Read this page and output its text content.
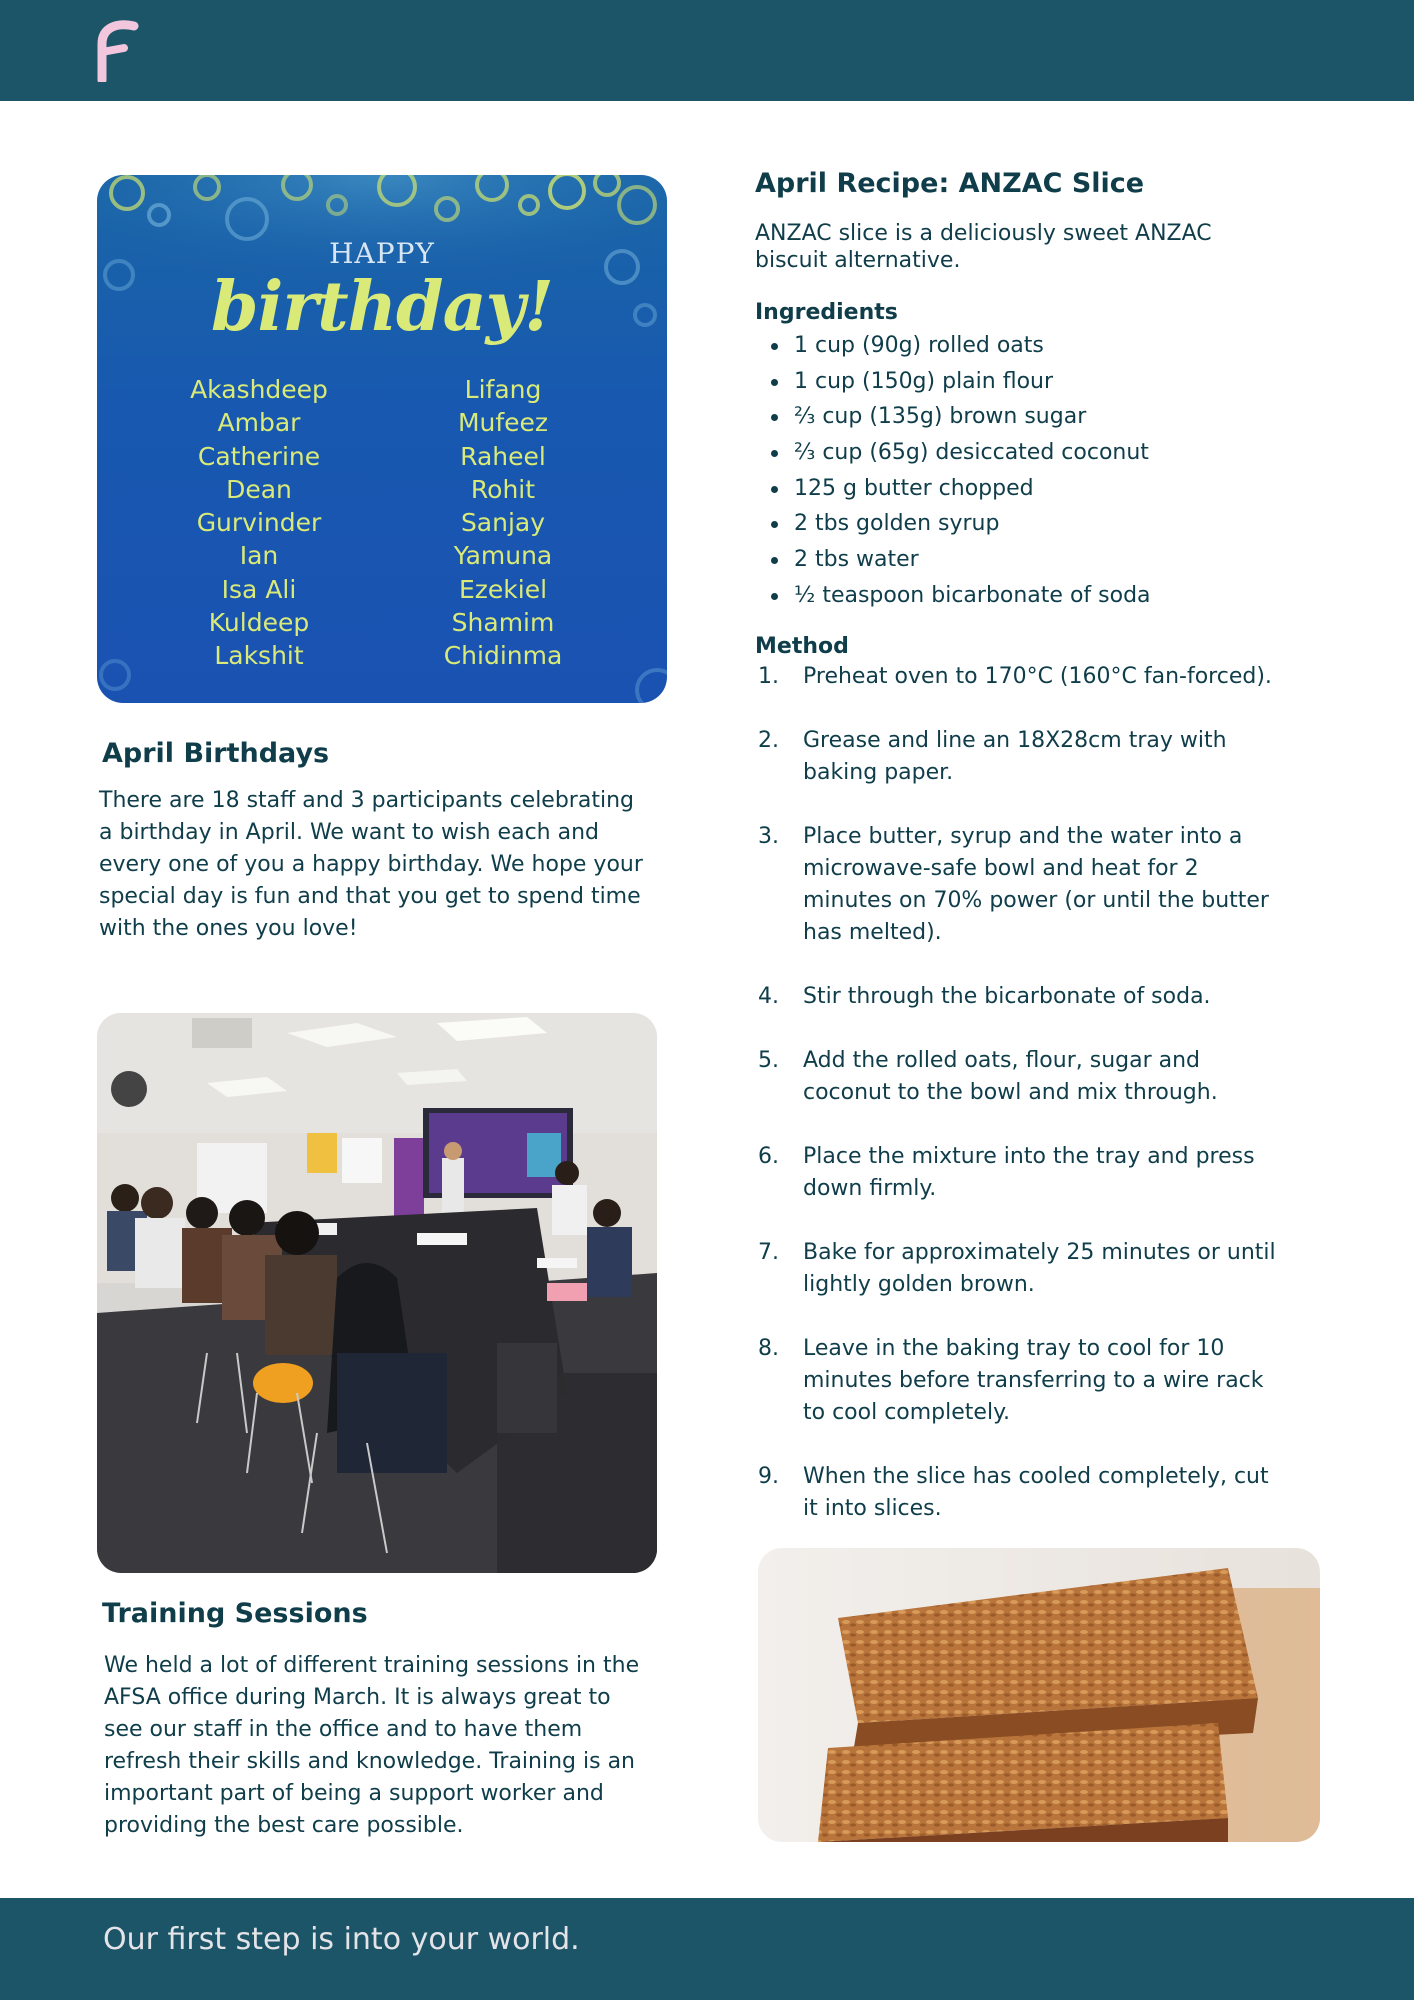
HAPPY
birthday!
Akashdeep
Ambar
Catherine
Dean
Gurvinder
Ian
Isa Ali
Kuldeep
Lakshit
Lifang
Mufeez
Raheel
Rohit
Sanjay
Yamuna
Ezekiel
Shamim
Chidinma
April Birthdays
There are 18 staff and 3 participants celebrating
a birthday in April. We want to wish each and
every one of you a happy birthday. We hope your
special day is fun and that you get to spend time
with the ones you love!
Training Sessions
We held a lot of different training sessions in the
AFSA office during March. It is always great to
see our staff in the office and to have them
refresh their skills and knowledge. Training is an
important part of being a support worker and
providing the best care possible.
April Recipe: ANZAC Slice

ANZAC slice is a deliciously sweet ANZAC biscuit alternative.

Ingredients

1 cup (90g) rolled oats
1 cup (150g) plain flour
⅔ cup (135g) brown sugar
⅔ cup (65g) desiccated coconut
125 g butter chopped
2 tbs golden syrup
2 tbs water
½ teaspoon bicarbonate of soda

Method

1. Preheat oven to 170°C (160°C fan-forced).
2. Grease and line an 18X28cm tray with
baking paper.
3. Place butter, syrup and the water into a
microwave-safe bowl and heat for 2
minutes on 70% power (or until the butter
has melted).
4. Stir through the bicarbonate of soda.
5. Add the rolled oats, flour, sugar and
coconut to the bowl and mix through.
6. Place the mixture into the tray and press
down firmly.
7. Bake for approximately 25 minutes or until
lightly golden brown.
8. Leave in the baking tray to cool for 10
minutes before transferring to a wire rack
to cool completely.
9. When the slice has cooled completely, cut
it into slices.
Our first step is into your world.
